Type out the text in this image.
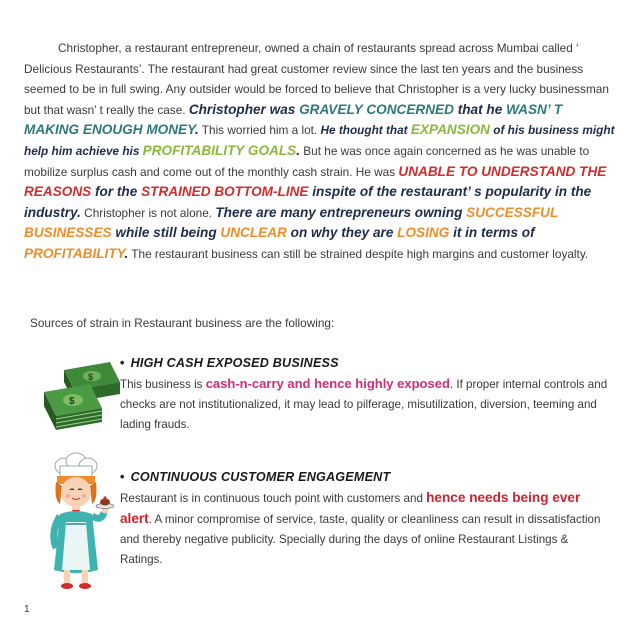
Christopher, a restaurant entrepreneur, owned a chain of restaurants spread across Mumbai called ‘ Delicious Restaurants’. The restaurant had great customer review since the last ten years and the business seemed to be in full swing. Any outsider would be forced to believe that Christopher is a very lucky businessman but that wasn’ t really the case. Christopher was GRAVELY CONCERNED that he WASN’ T MAKING ENOUGH MONEY. This worried him a lot. He thought that EXPANSION of his business might help him achieve his PROFITABILITY GOALS. But he was once again concerned as he was unable to mobilize surplus cash and come out of the monthly cash strain. He was UNABLE TO UNDERSTAND THE REASONS for the STRAINED BOTTOM-LINE inspite of the restaurant’ s popularity in the industry. Christopher is not alone. There are many entrepreneurs owning SUCCESSFUL BUSINESSES while still being UNCLEAR on why they are LOSING it in terms of PROFITABILITY. The restaurant business can still be strained despite high margins and customer loyalty.
Sources of strain in Restaurant business are the following:
$
$
• HIGH CASH EXPOSED BUSINESS
This business is cash-n-carry and hence highly exposed. If proper internal controls and checks are not institutionalized, it may lead to pilferage, misutilization, diversion, teeming and lading frauds.
• CONTINUOUS CUSTOMER ENGAGEMENT
Restaurant is in continuous touch point with customers and hence needs being ever alert. A minor compromise of service, taste, quality or cleanliness can result in dissatisfaction and thereby negative publicity. Specially during the days of online Restaurant Listings & Ratings.
1
